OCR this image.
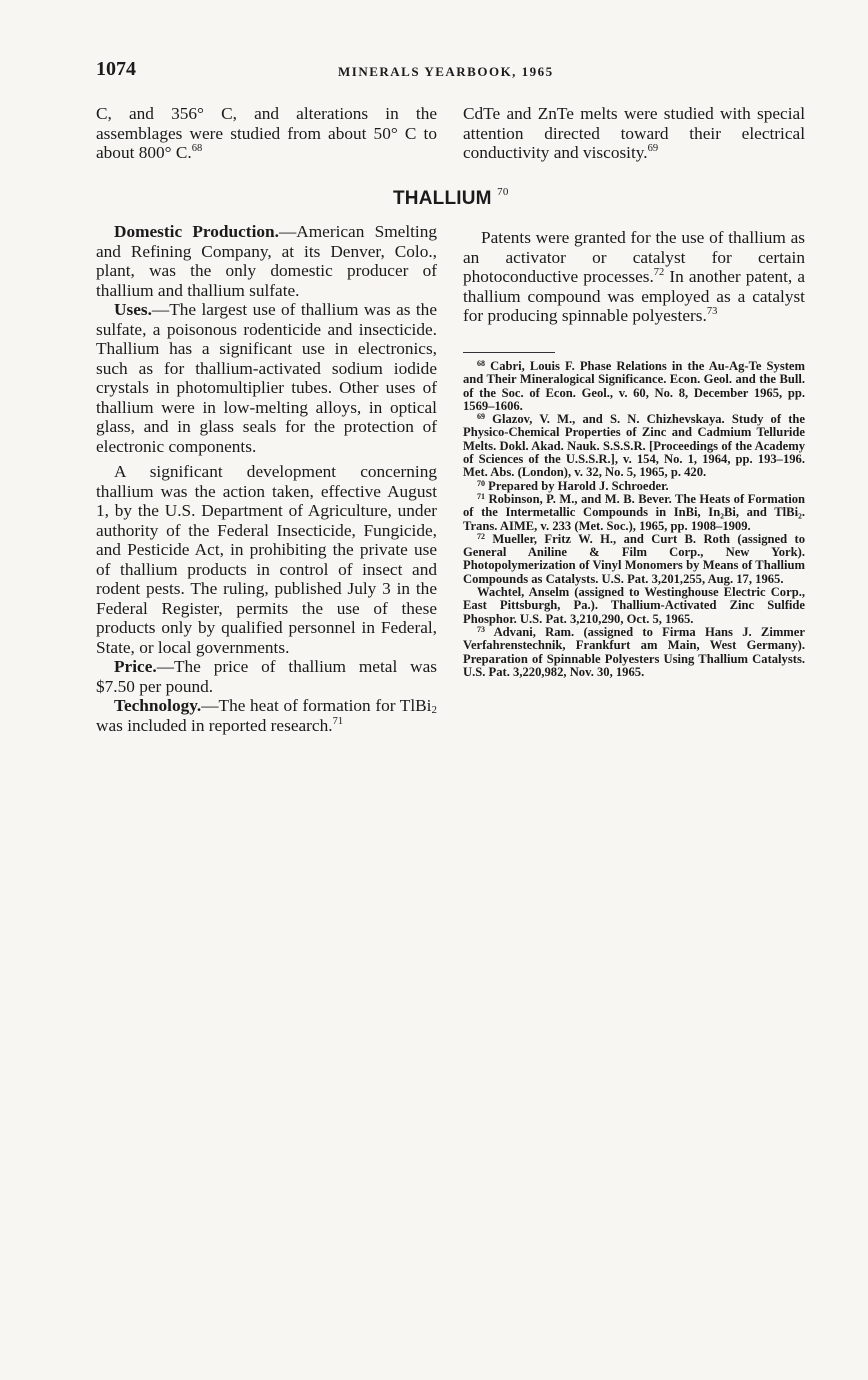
1074	MINERALS YEARBOOK, 1965

C, and 356° C, and alterations in the assemblages were studied from about 50° C to about 800° C.$^{68}$

CdTe and ZnTe melts were studied with special attention directed toward their electrical conductivity and viscosity.$^{69}$

THALLIUM $^{70}$

Domestic Production.—American Smelting and Refining Company, at its Denver, Colo., plant, was the only domestic producer of thallium and thallium sulfate.

Uses.—The largest use of thallium was as the sulfate, a poisonous rodenticide and insecticide. Thallium has a significant use in electronics, such as for thallium-activated sodium iodide crystals in photomultiplier tubes. Other uses of thallium were in low-melting alloys, in optical glass, and in glass seals for the protection of electronic components.

A significant development concerning thallium was the action taken, effective August 1, by the U.S. Department of Agriculture, under authority of the Federal Insecticide, Fungicide, and Pesticide Act, in prohibiting the private use of thallium products in control of insect and rodent pests. The ruling, published July 3 in the Federal Register, permits the use of these products only by qualified personnel in Federal, State, or local governments.

Price.—The price of thallium metal was $7.50 per pound.

Technology.—The heat of formation for TlBi$_2$ was included in reported research.$^{71}$

Patents were granted for the use of thallium as an activator or catalyst for certain photoconductive processes.$^{72}$ In another patent, a thallium compound was employed as a catalyst for producing spinnable polyesters.$^{73}$

$^{68}$ Cabri, Louis F. Phase Relations in the Au-Ag-Te System and Their Mineralogical Significance. Econ. Geol. and the Bull. of the Soc. of Econ. Geol., v. 60, No. 8, December 1965, pp. 1569–1606.

$^{69}$ Glazov, V. M., and S. N. Chizhevskaya. Study of the Physico-Chemical Properties of Zinc and Cadmium Telluride Melts. Dokl. Akad. Nauk. S.S.S.R. [Proceedings of the Academy of Sciences of the U.S.S.R.], v. 154, No. 1, 1964, pp. 193–196. Met. Abs. (London), v. 32, No. 5, 1965, p. 420.

$^{70}$ Prepared by Harold J. Schroeder.

$^{71}$ Robinson, P. M., and M. B. Bever. The Heats of Formation of the Intermetallic Compounds in InBi, In₂Bi, and TlBi₂. Trans. AIME, v. 233 (Met. Soc.), 1965, pp. 1908–1909.

$^{72}$ Mueller, Fritz W. H., and Curt B. Roth (assigned to General Aniline & Film Corp., New York). Photopolymerization of Vinyl Monomers by Means of Thallium Compounds as Catalysts. U.S. Pat. 3,201,255, Aug. 17, 1965.

Wachtel, Anselm (assigned to Westinghouse Electric Corp., East Pittsburgh, Pa.). Thallium-Activated Zinc Sulfide Phosphor. U.S. Pat. 3,210,290, Oct. 5, 1965.

$^{73}$ Advani, Ram. (assigned to Firma Hans J. Zimmer Verfahrenstechnik, Frankfurt am Main, West Germany). Preparation of Spinnable Polyesters Using Thallium Catalysts. U.S. Pat. 3,220,982, Nov. 30, 1965.
